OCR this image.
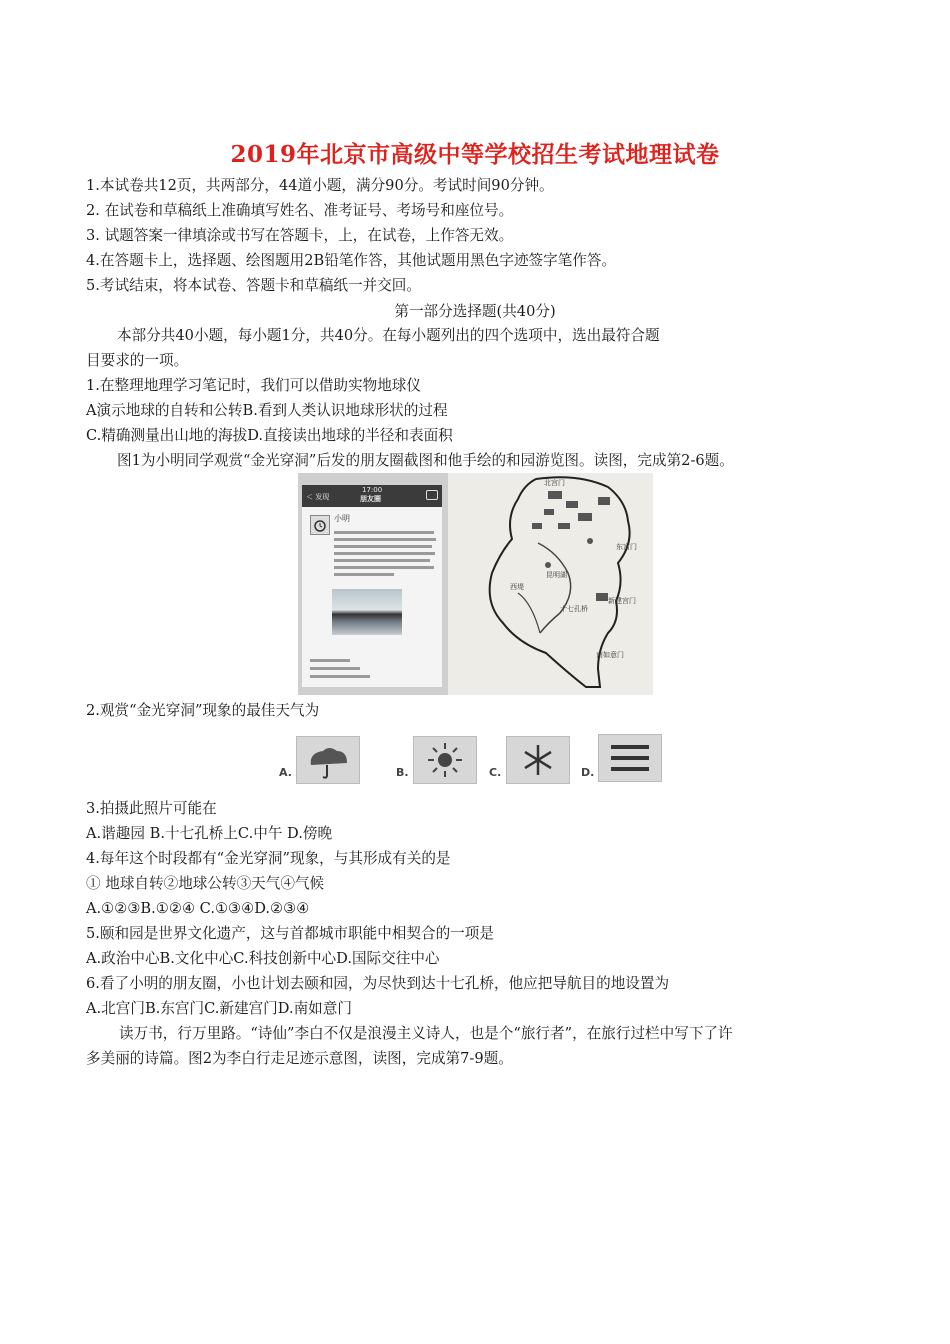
2019年北京市高级中等学校招生考试地理试卷
1.本试卷共12页，共两部分，44道小题，满分90分。考试时间90分钟。
2. 在试卷和草稿纸上准确填写姓名、准考证号、考场号和座位号。
3. 试题答案一律填涂或书写在答题卡，上，在试卷，上作答无效。
4.在答题卡上，选择题、绘图题用2B铅笔作答，其他试题用黑色字迹签字笔作答。
5.考试结束，将本试卷、答题卡和草稿纸一并交回。
第一部分选择题(共40分)
本部分共40小题，每小题1分，共40分。在每小题列出的四个选项中，选出最符合题
目要求的一项。
1.在整理地理学习笔记时，我们可以借助实物地球仪
A演示地球的自转和公转B.看到人类认识地球形状的过程
C.精确测量出山地的海拔D.直接读出地球的半径和表面积
图1为小明同学观赏“金光穿洞”后发的朋友圈截图和他手绘的和园游览图。读图，完成第2-6题。
＜ 发现
17:00
朋友圈
小明
北宫门
东宫门
新建宫门
南如意门
十七孔桥
昆明湖
西堤
2.观赏“金光穿洞”现象的最佳天气为
A.	B.	C.	D.
3.拍摄此照片可能在
A.谐趣园 B.十七孔桥上C.中午 D.傍晚
4.每年这个时段都有“金光穿洞”现象，与其形成有关的是
① 地球自转②地球公转③天气④气候
A.①②③B.①②④ C.①③④D.②③④
5.颐和园是世界文化遗产，这与首都城市职能中相契合的一项是
A.政治中心B.文化中心C.科技创新中心D.国际交往中心
6.看了小明的朋友圈，小也计划去颐和园，为尽快到达十七孔桥，他应把导航目的地设置为
A.北宫门B.东宫门C.新建宫门D.南如意门
读万书，行万里路。“诗仙”李白不仅是浪漫主义诗人，也是个“旅行者”，在旅行过栏中写下了许
多美丽的诗篇。图2为李白行走足迹示意图，读图，完成第7-9题。
